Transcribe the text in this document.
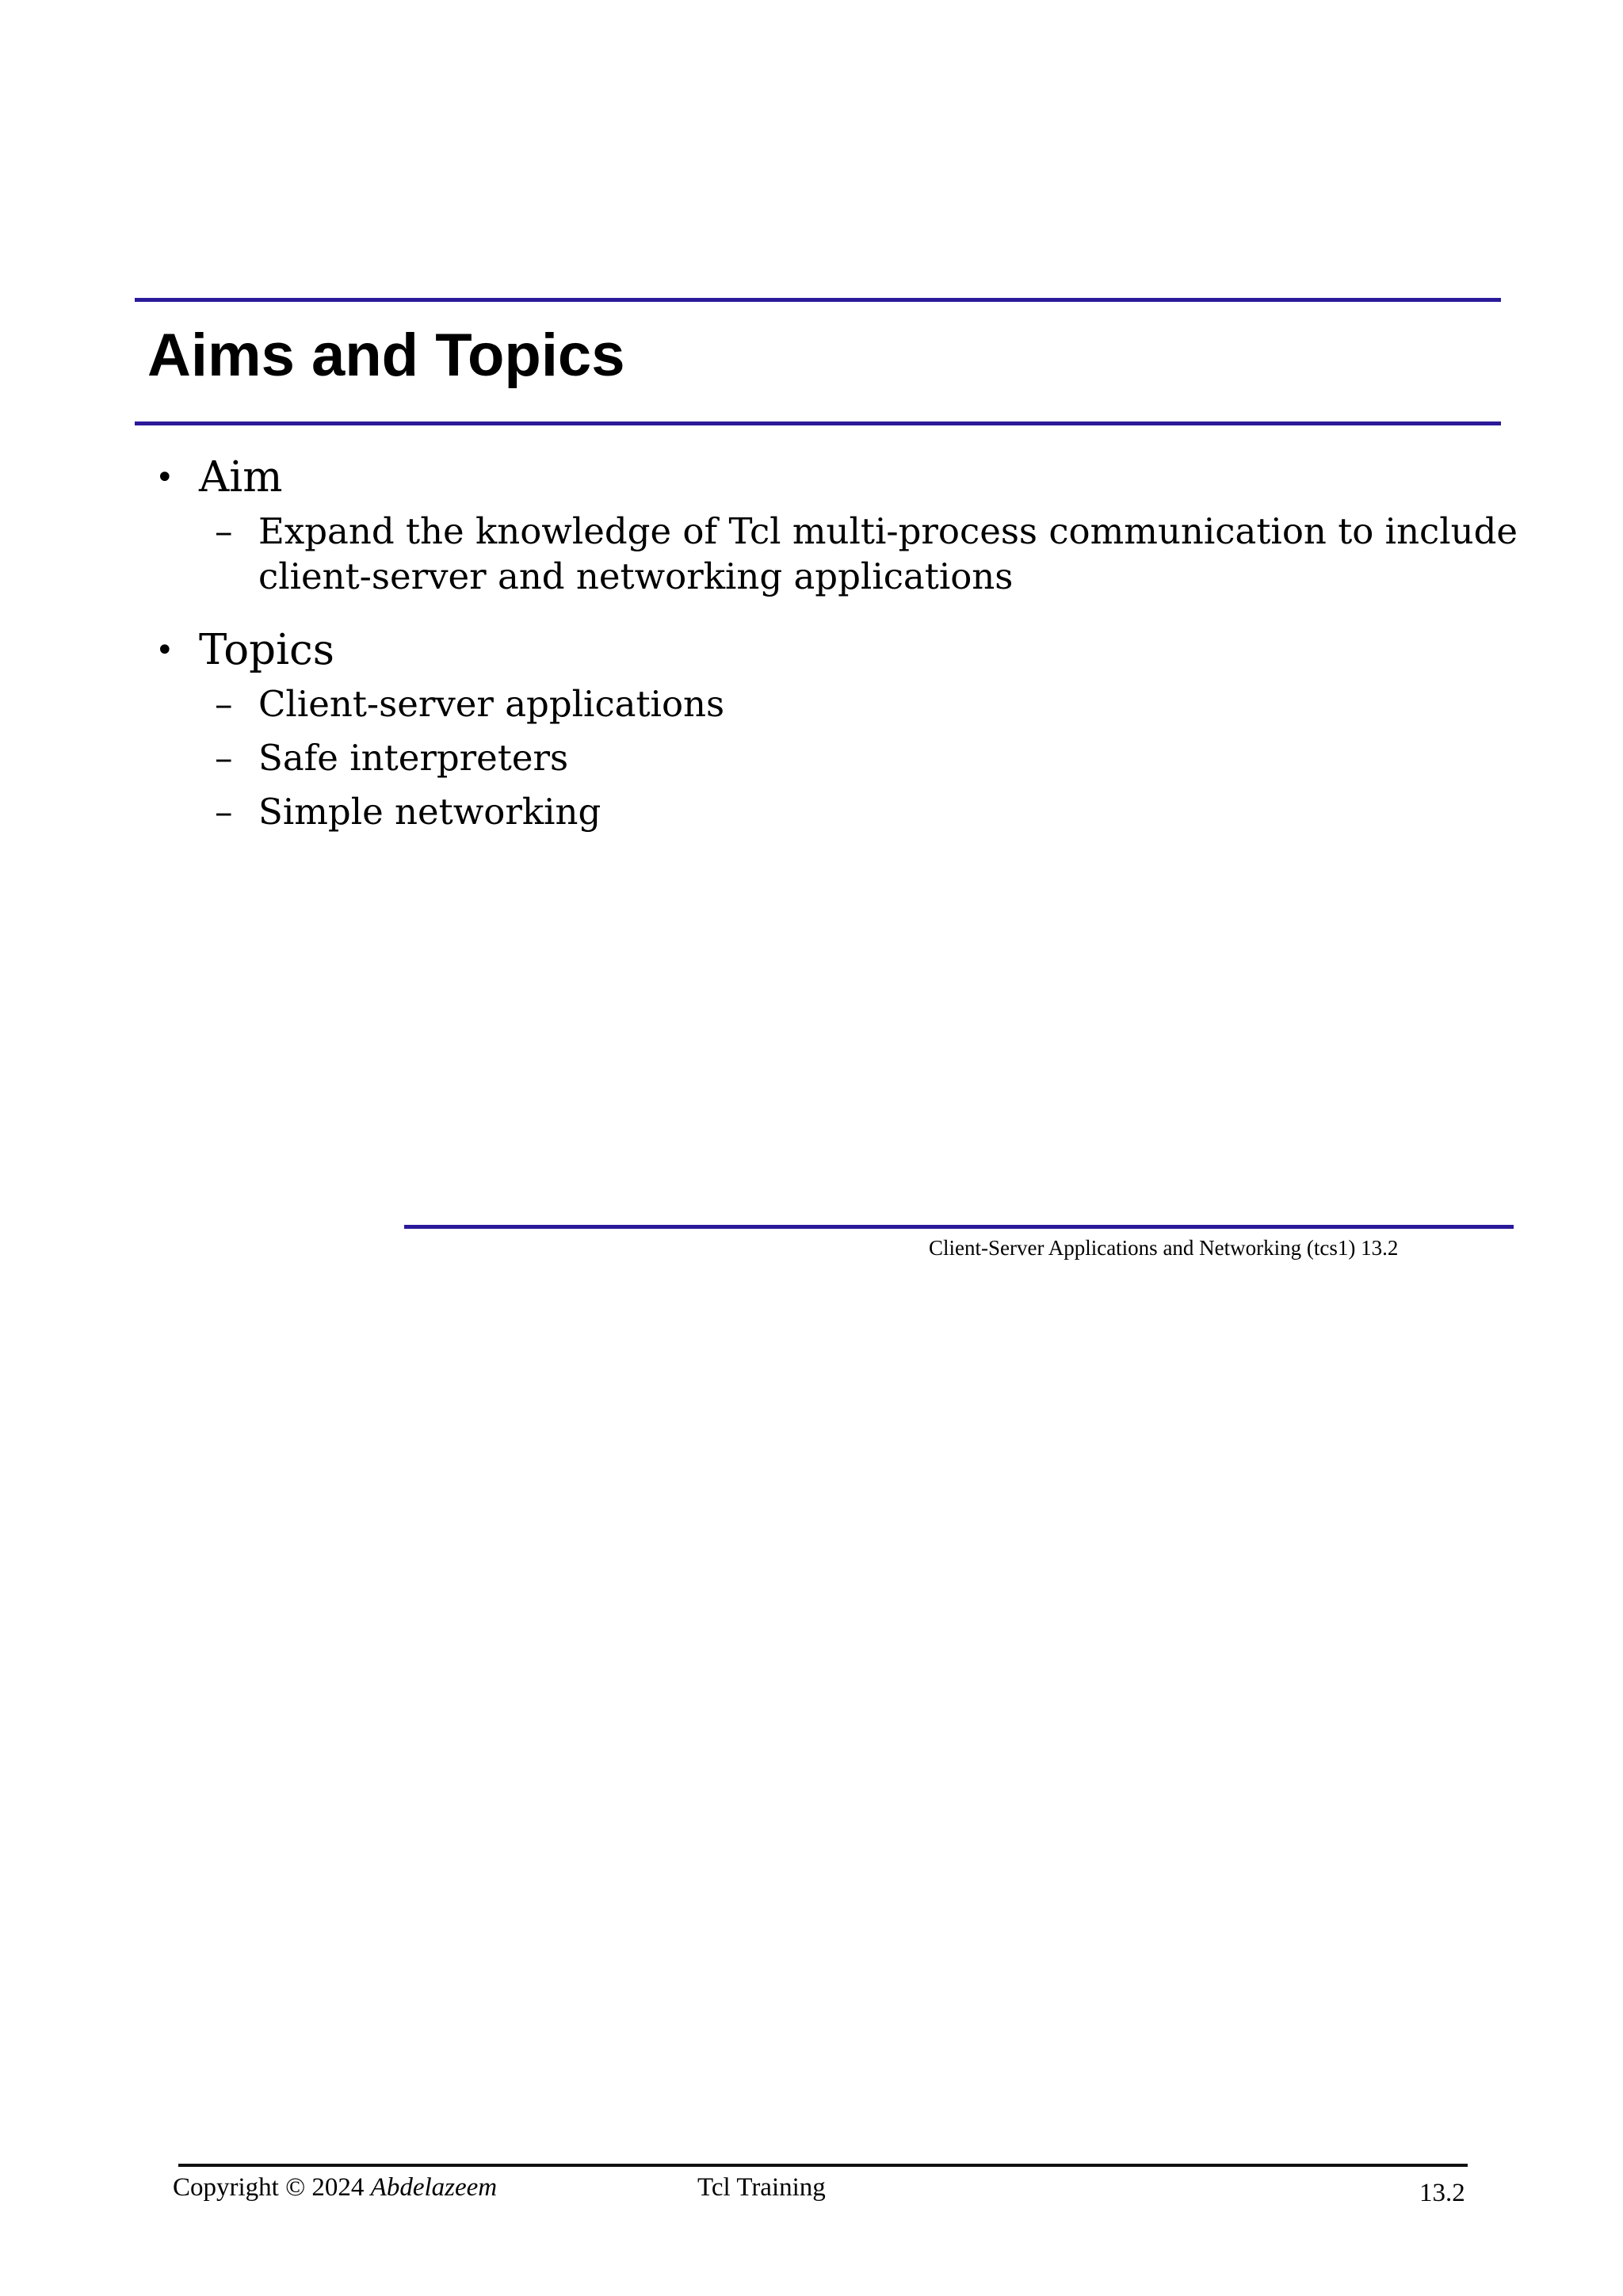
Aims and Topics
• Aim
– Expand the knowledge of Tcl multi-process communication to include client-server and networking applications
• Topics
– Client-server applications
– Safe interpreters
– Simple networking
Client-Server Applications and Networking (tcs1) 13.2
Copyright © 2024 Abdelazeem	Tcl Training	13.2
